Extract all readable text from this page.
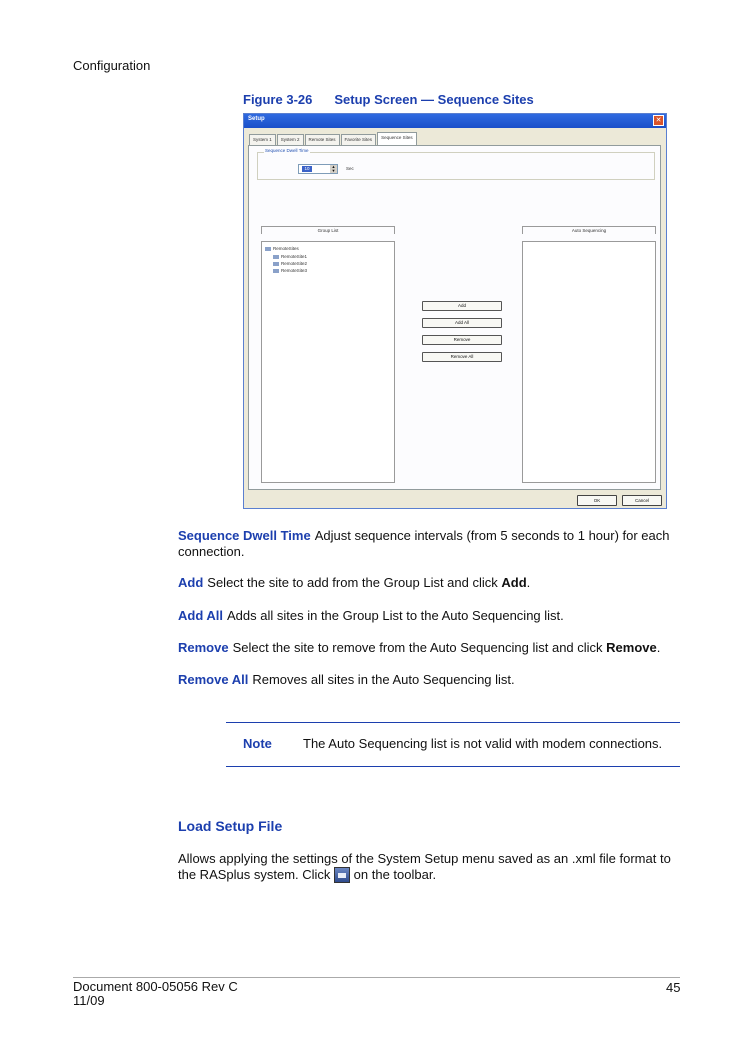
Configuration
Figure 3-26 Setup Screen — Sequence Sites
Setup	✕
System 1	System 2	Remote Sites	Favorite Sites	Sequence Sites
Sequence Dwell Time
10	▲
▼	Sec
Group List
RemoteSites
RemoteSite1
RemoteSite2
RemoteSite3
Auto Sequencing
Add
Add All
Remove
Remove All
OK	Cancel
Sequence Dwell Time Adjust sequence intervals (from 5 seconds to 1 hour) for each connection.
Add Select the site to add from the Group List and click Add.
Add All Adds all sites in the Group List to the Auto Sequencing list.
Remove Select the site to remove from the Auto Sequencing list and click Remove.
Remove All Removes all sites in the Auto Sequencing list.
Note The Auto Sequencing list is not valid with modem connections.
Load Setup File
Allows applying the settings of the System Setup menu saved as an .xml file format to the RASplus system. Click  on the toolbar.
Document 800-05056 Rev C
11/09
45
